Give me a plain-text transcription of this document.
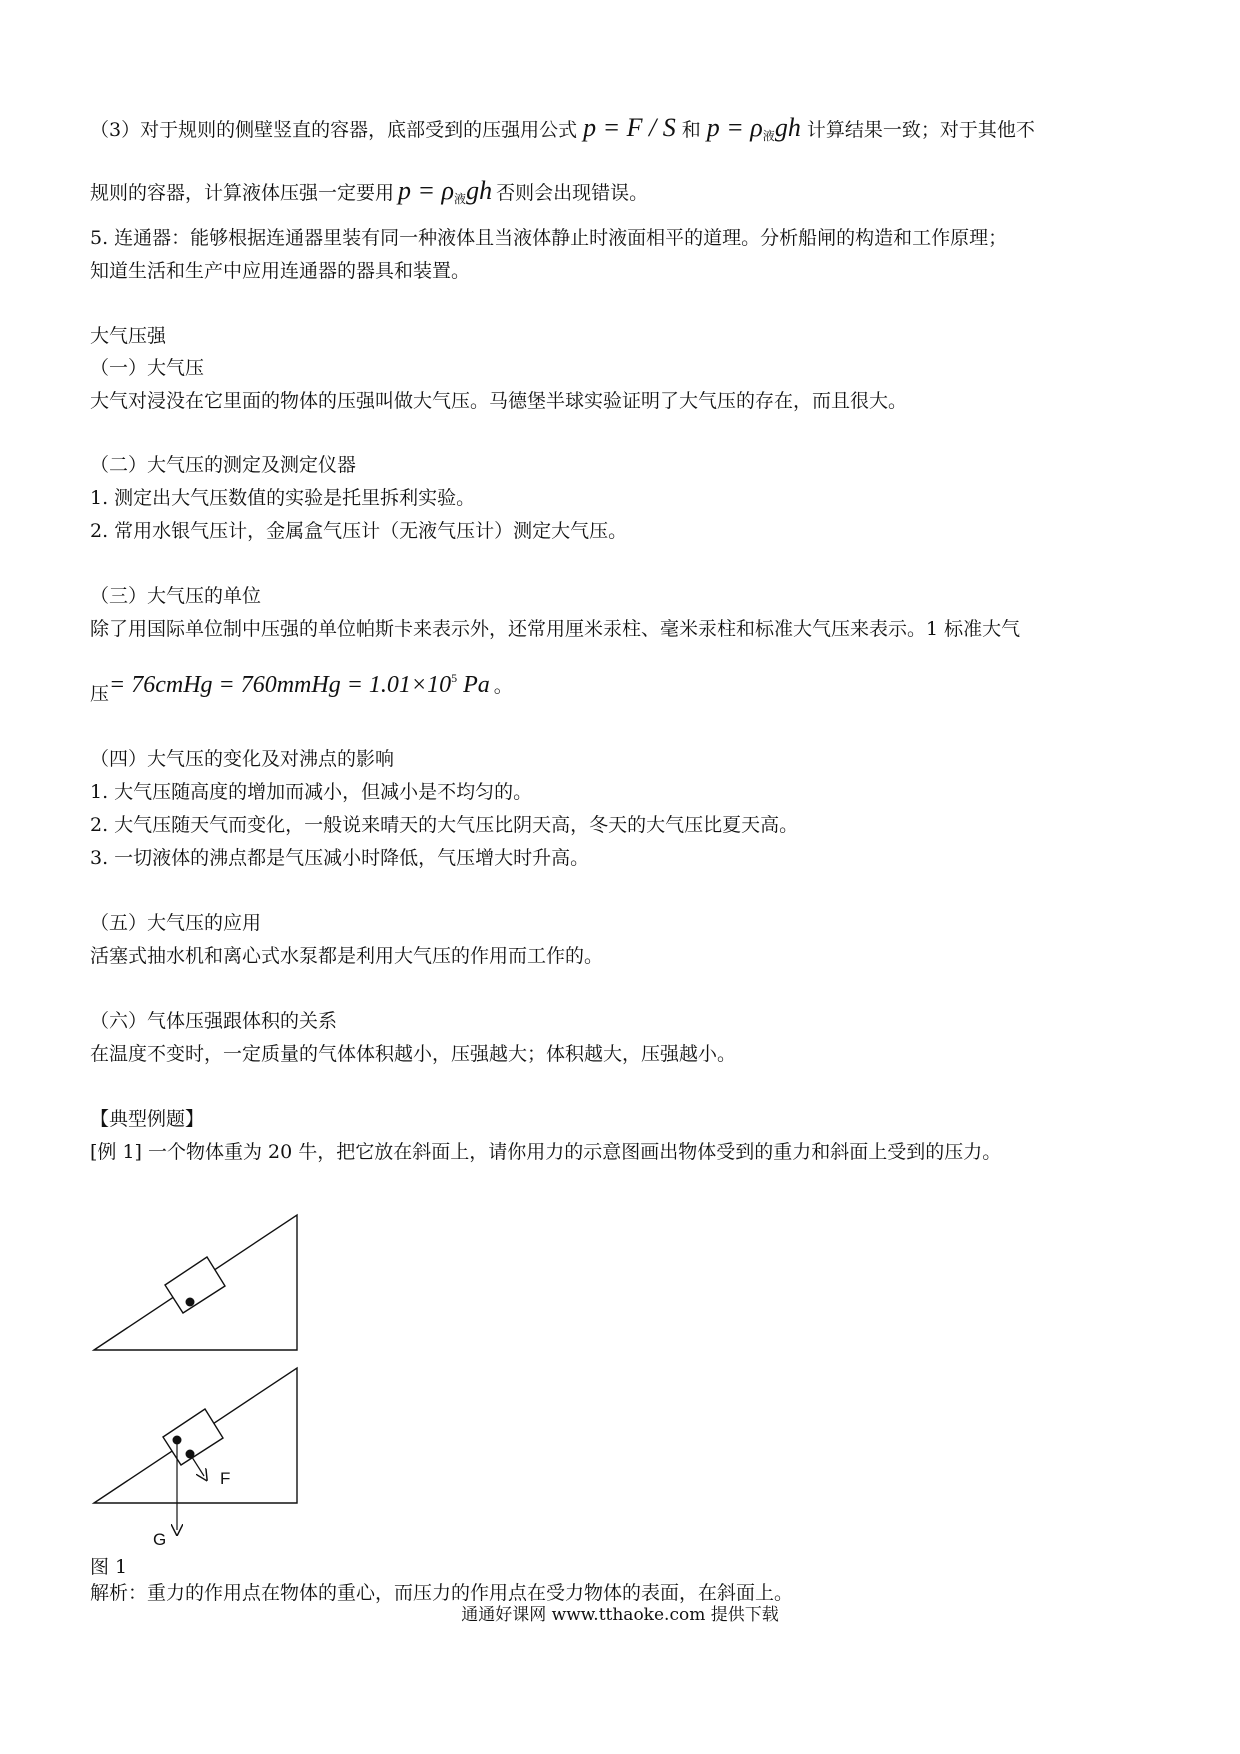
（3）对于规则的侧壁竖直的容器，底部受到的压强用公式 p = F / S 和 $p = \rho_液gh$ 计算结果一致；对于其他不
规则的容器，计算液体压强一定要用 $p = \rho_液gh$ 否则会出现错误。
5. 连通器：能够根据连通器里装有同一种液体且当液体静止时液面相平的道理。分析船闸的构造和工作原理；
知道生活和生产中应用连通器的器具和装置。
大气压强
（一）大气压
大气对浸没在它里面的物体的压强叫做大气压。马德堡半球实验证明了大气压的存在，而且很大。
（二）大气压的测定及测定仪器
1. 测定出大气压数值的实验是托里拆利实验。
2. 常用水银气压计，金属盒气压计（无液气压计）测定大气压。
（三）大气压的单位
除了用国际单位制中压强的单位帕斯卡来表示外，还常用厘米汞柱、毫米汞柱和标准大气压来表示。1 标准大气
压= 76cmHg = 760mmHg = $1.01\times 10^5$ Pa 。
（四）大气压的变化及对沸点的影响
1. 大气压随高度的增加而减小，但减小是不均匀的。
2. 大气压随天气而变化，一般说来晴天的大气压比阴天高，冬天的大气压比夏天高。
3. 一切液体的沸点都是气压减小时降低，气压增大时升高。
（五）大气压的应用
活塞式抽水机和离心式水泵都是利用大气压的作用而工作的。
（六）气体压强跟体积的关系
在温度不变时，一定质量的气体体积越小，压强越大；体积越大，压强越小。
【典型例题】
[例 1] 一个物体重为 20 牛，把它放在斜面上，请你用力的示意图画出物体受到的重力和斜面上受到的压力。
F
G
图 1
解析：重力的作用点在物体的重心，而压力的作用点在受力物体的表面，在斜面上。
通通好课网 www.tthaoke.com 提供下载
